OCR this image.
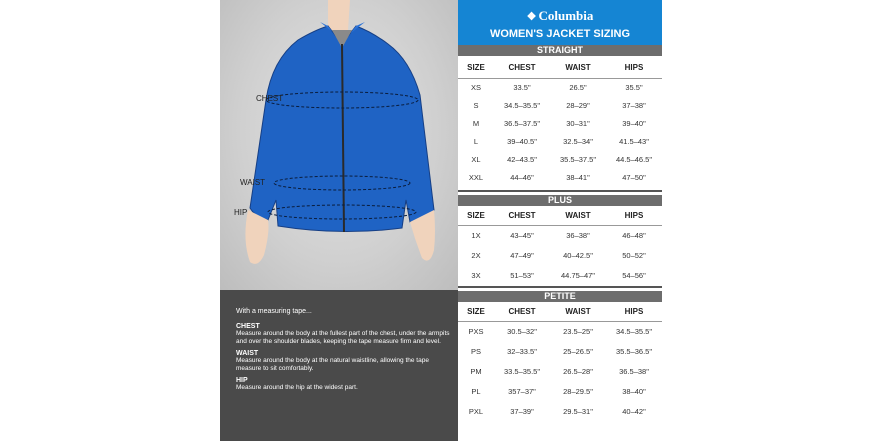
CHEST
WAIST
HIP
With a measuring tape...
CHEST
Measure around the body at the fullest part of the chest, under the armpits and over the shoulder blades, keeping the tape measure firm and level.
WAIST
Measure around the body at the natural waistline, allowing the tape measure to sit comfortably.
HIP
Measure around the hip at the widest part.
❖ Columbia
WOMEN'S JACKET SIZING
STRAIGHT
SIZE	CHEST	WAIST	HIPS
XS	33.5"	26.5"	35.5"
S	34.5–35.5"	28–29"	37–38"
M	36.5–37.5"	30–31"	39–40"
L	39–40.5"	32.5–34"	41.5–43"
XL	42–43.5"	35.5–37.5"	44.5–46.5"
XXL	44–46"	38–41"	47–50"
PLUS
SIZE	CHEST	WAIST	HIPS
1X	43–45"	36–38"	46–48"
2X	47–49"	40–42.5"	50–52"
3X	51–53"	44.75–47"	54–56"
PETITE
SIZE	CHEST	WAIST	HIPS
PXS	30.5–32"	23.5–25"	34.5–35.5"
PS	32–33.5"	25–26.5"	35.5–36.5"
PM	33.5–35.5"	26.5–28"	36.5–38"
PL	357–37"	28–29.5"	38–40"
PXL	37–39"	29.5–31"	40–42"
